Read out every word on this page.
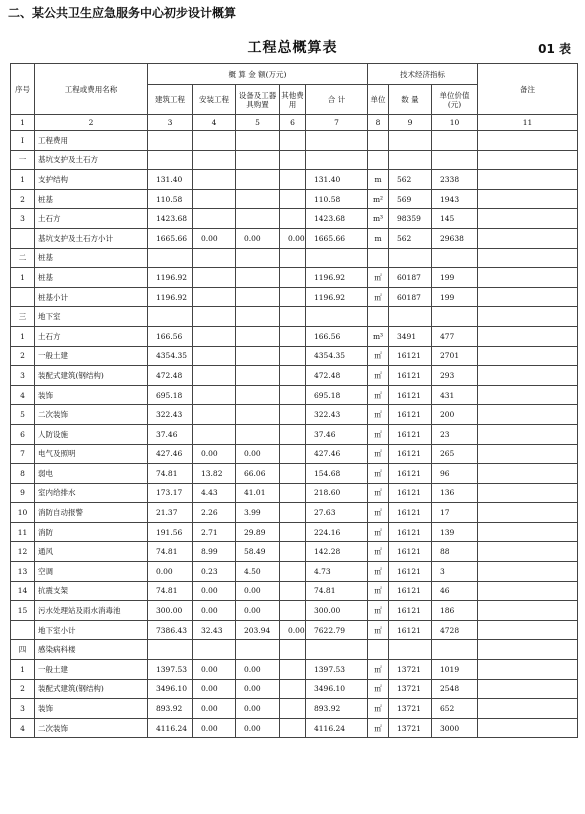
二、某公共卫生应急服务中心初步设计概算
工程总概算表	01 表
序号	工程或费用名称	概 算 金 额(万元)					技术经济指标			备注
		建筑工程	安装工程	设备及工器具购置	其他费用	合 计	单位	数 量	单位价值(元)	
1	2	3	4	5	6	7	8	9	10	11
Ⅰ	工程费用									
一	基坑支护及土石方									
1	支护结构	131.40				131.40	m	562	2338	
2	桩基	110.58				110.58	m²	569	1943	
3	土石方	1423.68				1423.68	m³	98359	145	
	基坑支护及土石方小计	1665.66	0.00	0.00	0.00	1665.66	m	562	29638	
二	桩基									
1	桩基	1196.92				1196.92	㎡	60187	199	
	桩基小计	1196.92				1196.92	㎡	60187	199	
三	地下室									
1	土石方	166.56				166.56	m³	3491	477	
2	一般土建	4354.35				4354.35	㎡	16121	2701	
3	装配式建筑(钢结构)	472.48				472.48	㎡	16121	293	
4	装饰	695.18				695.18	㎡	16121	431	
5	二次装饰	322.43				322.43	㎡	16121	200	
6	人防设施	37.46				37.46	㎡	16121	23	
7	电气及照明	427.46	0.00	0.00		427.46	㎡	16121	265	
8	弱电	74.81	13.82	66.06		154.68	㎡	16121	96	
9	室内给排水	173.17	4.43	41.01		218.60	㎡	16121	136	
10	消防自动报警	21.37	2.26	3.99		27.63	㎡	16121	17	
11	消防	191.56	2.71	29.89		224.16	㎡	16121	139	
12	通风	74.81	8.99	58.49		142.28	㎡	16121	88	
13	空调	0.00	0.23	4.50		4.73	㎡	16121	3	
14	抗震支架	74.81	0.00	0.00		74.81	㎡	16121	46	
15	污水处理站及雨水消毒池	300.00	0.00	0.00		300.00	㎡	16121	186	
	地下室小计	7386.43	32.43	203.94	0.00	7622.79	㎡	16121	4728	
四	感染病科楼									
1	一般土建	1397.53	0.00	0.00		1397.53	㎡	13721	1019	
2	装配式建筑(钢结构)	3496.10	0.00	0.00		3496.10	㎡	13721	2548	
3	装饰	893.92	0.00	0.00		893.92	㎡	13721	652	
4	二次装饰	4116.24	0.00	0.00		4116.24	㎡	13721	3000	
